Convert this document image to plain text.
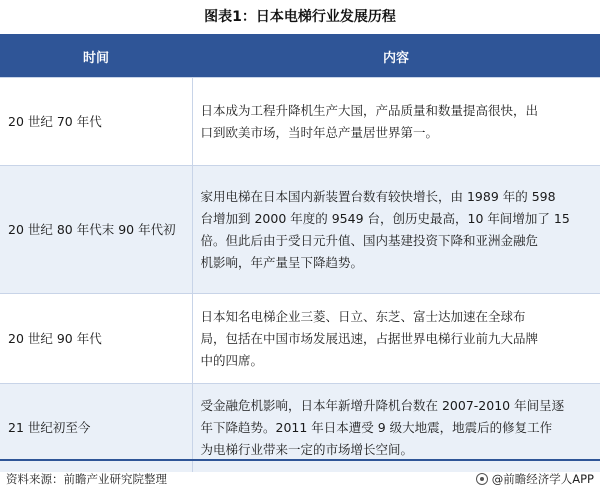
图表1：日本电梯行业发展历程
时间	内容
20 世纪 70 年代	日本成为工程升降机生产大国，产品质量和数量提高很快，出
口到欧美市场，当时年总产量居世界第一。

20 世纪 80 年代末 90 年代初	家用电梯在日本国内新装置台数有较快增长，由 1989 年的 598
台增加到 2000 年度的 9549 台，创历史最高，10 年间增加了 15
倍。但此后由于受日元升值、国内基建投资下降和亚洲金融危
机影响，年产量呈下降趋势。

20 世纪 90 年代	日本知名电梯企业三菱、日立、东芝、富士达加速在全球布
局，包括在中国市场发展迅速，占据世界电梯行业前九大品牌
中的四席。

21 世纪初至今	受金融危机影响，日本年新增升降机台数在 2007-2010 年间呈逐
年下降趋势。2011 年日本遭受 9 级大地震，地震后的修复工作
为电梯行业带来一定的市场增长空间。
资料来源：前瞻产业研究院整理	@前瞻经济学人APP
